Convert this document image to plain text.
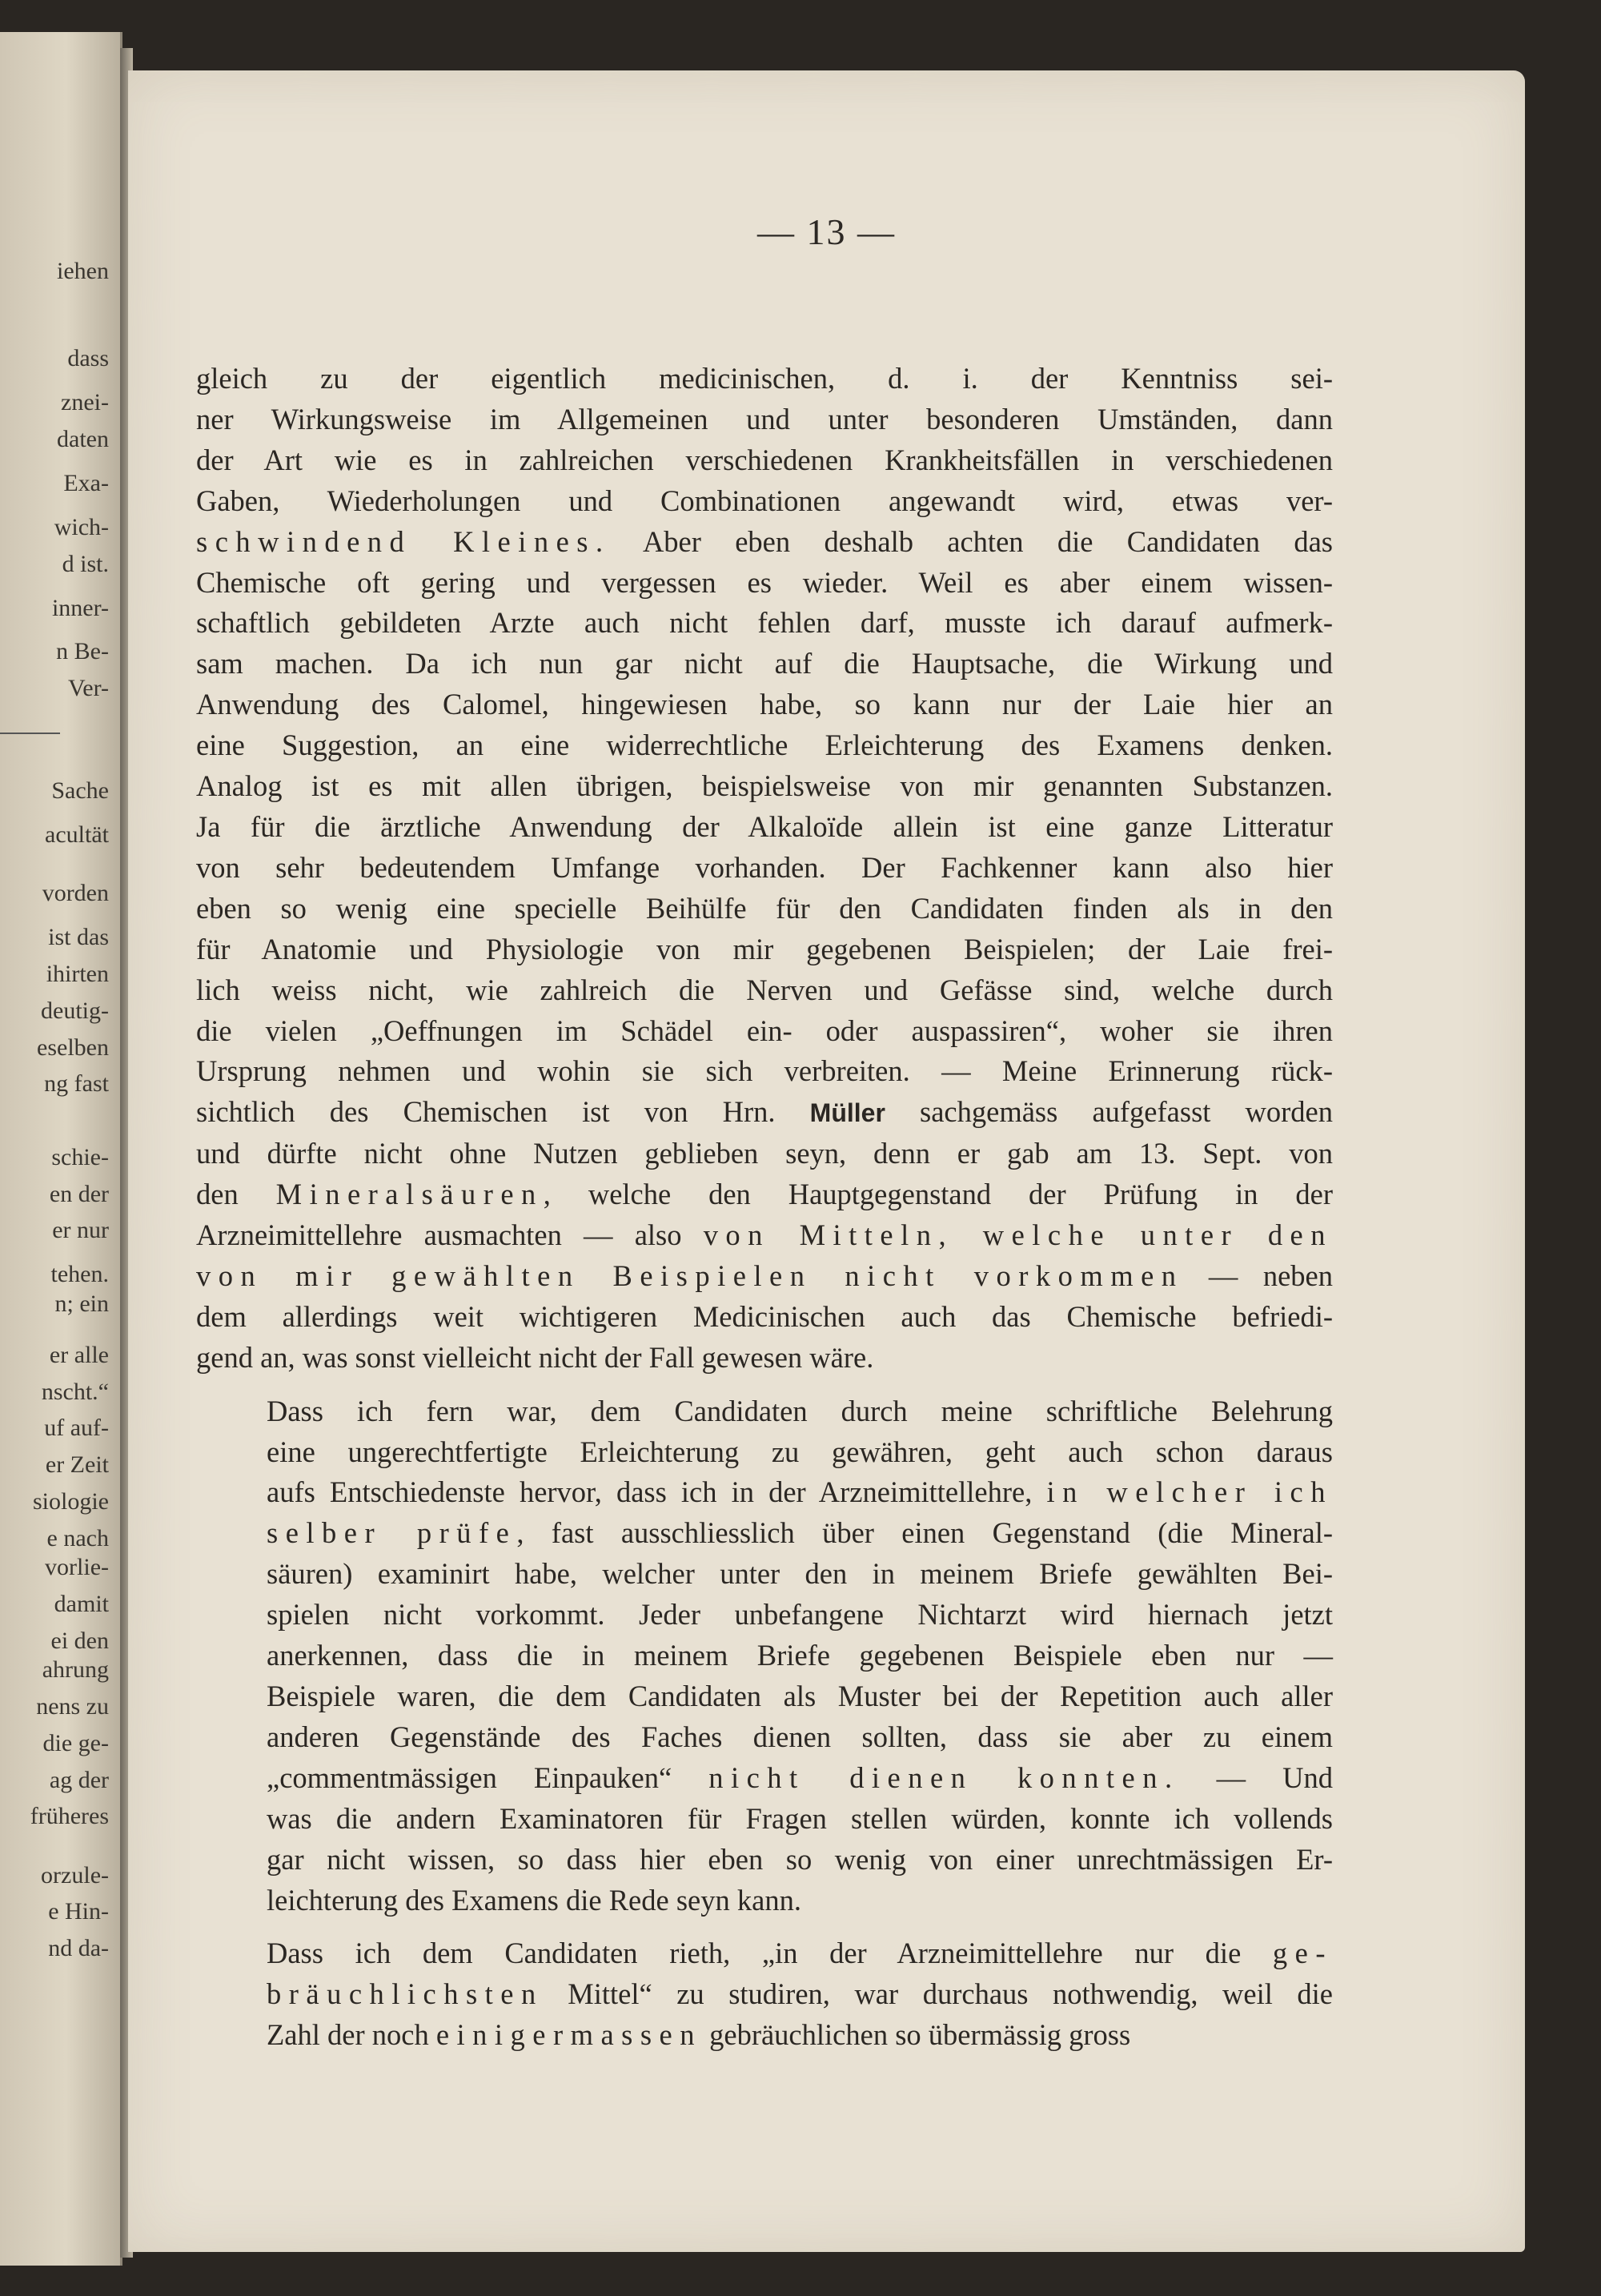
iehen
dass
znei-
daten
Exa-
wich-
d ist.
inner-
n Be-
Ver-
Sache
acultät
vorden
ist das
ihirten
deutig-
eselben
ng fast
schie-
en der
er nur
tehen.
n; ein
er alle
nscht.“
uf auf-
er Zeit
siologie
e nach
vorlie-
damit
ei den
ahrung
nens zu
die ge-
ag der
früheres
orzule-
e Hin-
nd da-
— 13 —
gleich zu der eigentlich medicinischen, d. i. der Kenntniss sei-
ner Wirkungsweise im Allgemeinen und unter besonderen Umständen, dann
der Art wie es in zahlreichen verschiedenen Krankheitsfällen in verschiedenen
Gaben, Wiederholungen und Combinationen angewandt wird, etwas ver-
schwindend Kleines. Aber eben deshalb achten die Candidaten das
Chemische oft gering und vergessen es wieder. Weil es aber einem wissen-
schaftlich gebildeten Arzte auch nicht fehlen darf, musste ich darauf aufmerk-
sam machen. Da ich nun gar nicht auf die Hauptsache, die Wirkung und
Anwendung des Calomel, hingewiesen habe, so kann nur der Laie hier an
eine Suggestion, an eine widerrechtliche Erleichterung des Examens denken.
Analog ist es mit allen übrigen, beispielsweise von mir genannten Substanzen.
Ja für die ärztliche Anwendung der Alkaloïde allein ist eine ganze Litteratur
von sehr bedeutendem Umfange vorhanden. Der Fachkenner kann also hier
eben so wenig eine specielle Beihülfe für den Candidaten finden als in den
für Anatomie und Physiologie von mir gegebenen Beispielen; der Laie frei-
lich weiss nicht, wie zahlreich die Nerven und Gefässe sind, welche durch
die vielen „Oeffnungen im Schädel ein- oder auspassiren“, woher sie ihren
Ursprung nehmen und wohin sie sich verbreiten. — Meine Erinnerung rück-
sichtlich des Chemischen ist von Hrn. Müller sachgemäss aufgefasst worden
und dürfte nicht ohne Nutzen geblieben seyn, denn er gab am 13. Sept. von
den Mineralsäuren, welche den Hauptgegenstand der Prüfung in der
Arzneimittellehre ausmachten — also von Mitteln, welche unter den
von mir gewählten Beispielen nicht vorkommen — neben
dem allerdings weit wichtigeren Medicinischen auch das Chemische befriedi-
gend an, was sonst vielleicht nicht der Fall gewesen wäre.
Dass ich fern war, dem Candidaten durch meine schriftliche Belehrung
eine ungerechtfertigte Erleichterung zu gewähren, geht auch schon daraus
aufs Entschiedenste hervor, dass ich in der Arzneimittellehre, in welcher ich
selber prüfe, fast ausschliesslich über einen Gegenstand (die Mineral-
säuren) examinirt habe, welcher unter den in meinem Briefe gewählten Bei-
spielen nicht vorkommt. Jeder unbefangene Nichtarzt wird hiernach jetzt
anerkennen, dass die in meinem Briefe gegebenen Beispiele eben nur —
Beispiele waren, die dem Candidaten als Muster bei der Repetition auch aller
anderen Gegenstände des Faches dienen sollten, dass sie aber zu einem
„commentmässigen Einpauken“ nicht dienen konnten. — Und
was die andern Examinatoren für Fragen stellen würden, konnte ich vollends
gar nicht wissen, so dass hier eben so wenig von einer unrechtmässigen Er-
leichterung des Examens die Rede seyn kann.
Dass ich dem Candidaten rieth, „in der Arzneimittellehre nur die ge-
bräuchlichsten Mittel“ zu studiren, war durchaus nothwendig, weil die
Zahl der noch einigermassen gebräuchlichen so übermässig gross
